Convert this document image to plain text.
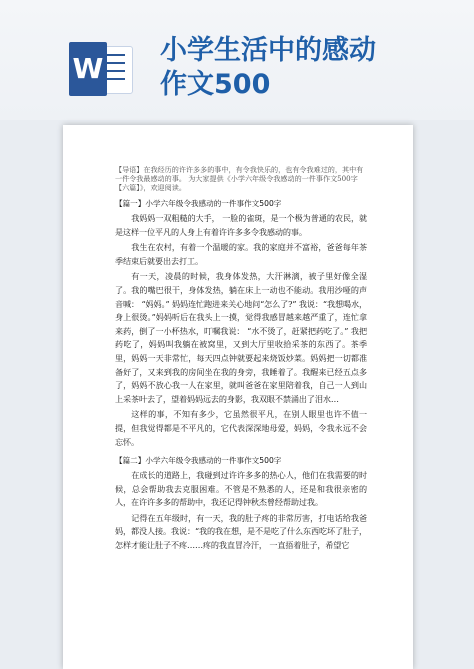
W
小学生活中的感动
作文500

【导语】在我经历的许许多多的事中，有令我快乐的，也有令我难过的，其中有一件令我最感动的事。 为大家提供《小学六年级令我感动的一件事作文500字【六篇】》，欢迎阅读。

【篇一】小学六年级令我感动的一件事作文500字

我妈妈一双粗糙的大手， 一脸的雀斑，是一个极为普通的农民，就是这样一位平凡的人身上有着许许多多令我感动的事。

我生在农村，有着一个温暖的家。我的家庭并不富裕，爸爸每年茶季结束后就要出去打工。

有一天，凌晨的时候，我身体发热，大汗淋漓，被子里好像全湿了。我的嘴巴很干，身体发热，躺在床上一动也不能动。我用沙哑的声音喊： “妈妈。” 妈妈连忙跑进来关心地问“怎么了?” 我说：“我想喝水，身上很烫。”妈妈听后在我头上一摸，觉得我感冒越来越严重了，连忙拿来药，倒了一小杯热水，叮嘱我说： “水不烫了，赶紧把药吃了。” 我把药吃了，妈妈叫我躺在被窝里，又到大厅里收拾采茶的东西了。茶季里，妈妈一天非常忙，每天四点钟就要起来烧饭炒菜。妈妈把一切都准备好了，又来到我的房间坐在我的身旁，我睡着了。我醒来已经五点多了，妈妈不放心我一人在家里，就叫爸爸在家里陪着我，自己一人到山上采茶叶去了，望着妈妈远去的身影，我双眼不禁涌出了泪水…

这样的事，不知有多少，它虽然很平凡，在别人眼里也许不值一提，但我觉得都是不平凡的，它代表深深地母爱，妈妈，令我永远不会忘怀。

【篇二】小学六年级令我感动的一件事作文500字

在成长的道路上，我碰到过许许多多的热心人，他们在我需要的时候，总会帮助我去克服困难。不管是不熟悉的人，还是和我很亲密的人，在许许多多的帮助中，我还记得钟秋杰曾经帮助过我。

记得在五年级时，有一天，我的肚子疼的非常厉害，打电话给我爸妈，都没人接。我说：“我的我在想，是不是吃了什么东西吃坏了肚子，怎样才能让肚子不疼……疼的我直冒冷汗， 一直捂着肚子，希望它
